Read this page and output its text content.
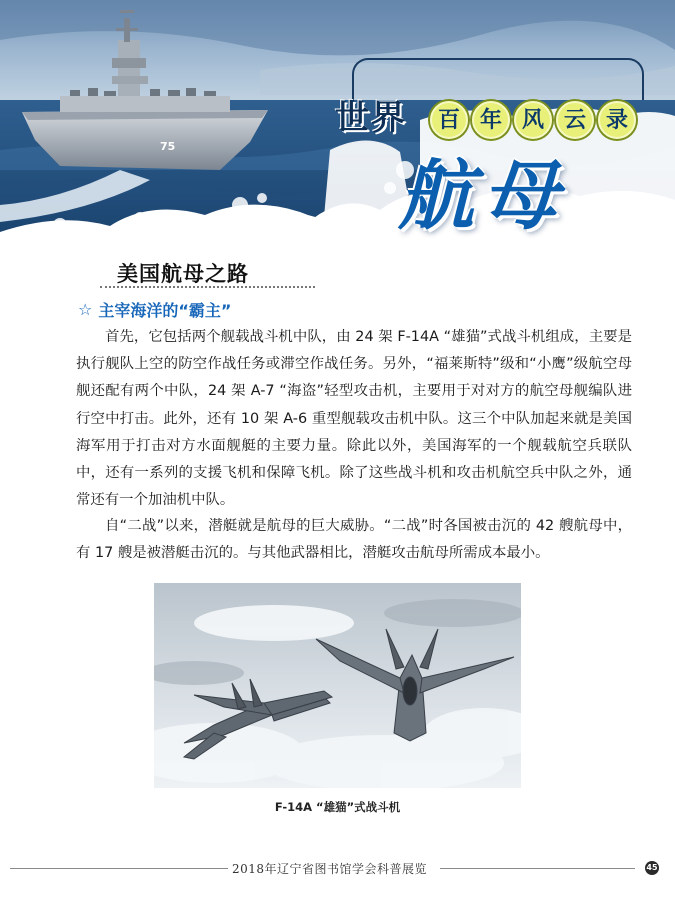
75
世界	百 年 风 云 录
航母
美国航母之路
☆ 主宰海洋的“霸主”

首先，它包括两个舰载战斗机中队，由 24 架 F-14A “雄猫”式战斗机组成，主要是执行舰队上空的防空作战任务或滞空作战任务。另外，“福莱斯特”级和“小鹰”级航空母舰还配有两个中队，24 架 A-7 “海盗”轻型攻击机，主要用于对对方的航空母舰编队进行空中打击。此外，还有 10 架 A-6 重型舰载攻击机中队。这三个中队加起来就是美国海军用于打击对方水面舰艇的主要力量。除此以外，美国海军的一个舰载航空兵联队中，还有一系列的支援飞机和保障飞机。除了这些战斗机和攻击机航空兵中队之外，通常还有一个加油机中队。

自“二战”以来，潜艇就是航母的巨大威胁。“二战”时各国被击沉的 42 艘航母中，有 17 艘是被潜艇击沉的。与其他武器相比，潜艇攻击航母所需成本最小。

F-14A “雄猫”式战斗机
2018年辽宁省图书馆学会科普展览	45
